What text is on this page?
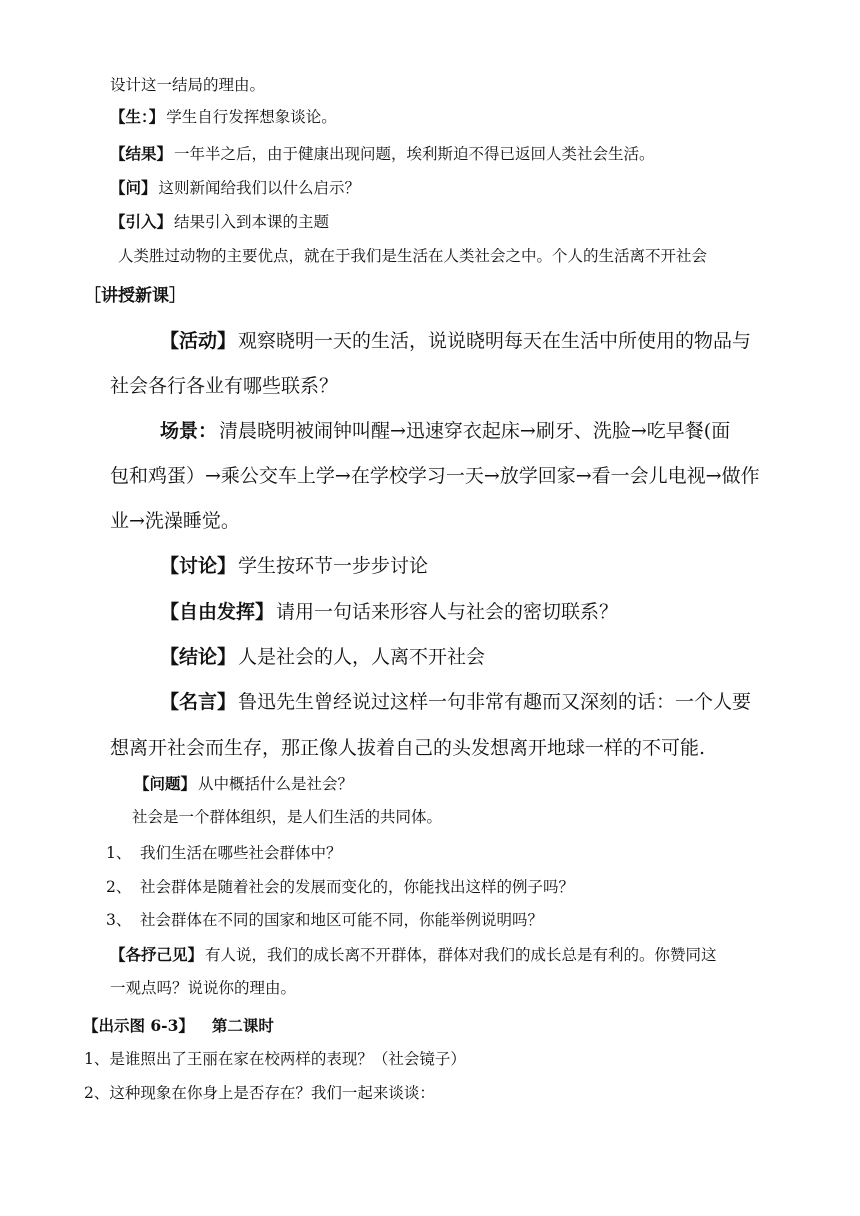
设计这一结局的理由。
【生：】 学生自行发挥想象谈论。
【结果】 一年半之后，由于健康出现问题，埃利斯迫不得已返回人类社会生活。
【问】 这则新闻给我们以什么启示？
【引入】 结果引入到本课的主题
人类胜过动物的主要优点，就在于我们是生活在人类社会之中。个人的生活离不开社会
［讲授新课］
【活动】 观察晓明一天的生活，说说晓明每天在生活中所使用的物品与
社会各行各业有哪些联系？
场景： 清晨晓明被闹钟叫醒→迅速穿衣起床→刷牙、洗脸→吃早餐(面
包和鸡蛋）→乘公交车上学→在学校学习一天→放学回家→看一会儿电视→做作
业→洗澡睡觉。
【讨论】 学生按环节一步步讨论
【自由发挥】 请用一句话来形容人与社会的密切联系？
【结论】 人是社会的人，人离不开社会
【名言】 鲁迅先生曾经说过这样一句非常有趣而又深刻的话：一个人要
想离开社会而生存，那正像人拔着自己的头发想离开地球一样的不可能.
【问题】 从中概括什么是社会？
社会是一个群体组织，是人们生活的共同体。
1、 我们生活在哪些社会群体中？
2、 社会群体是随着社会的发展而变化的，你能找出这样的例子吗？
3、 社会群体在不同的国家和地区可能不同，你能举例说明吗？
【各抒己见】 有人说，我们的成长离不开群体，群体对我们的成长总是有利的。你赞同这
一观点吗？说说你的理由。
【出示图 6-3】 第二课时
1、是谁照出了王丽在家在校两样的表现？（社会镜子）
2、这种现象在你身上是否存在？我们一起来谈谈：
